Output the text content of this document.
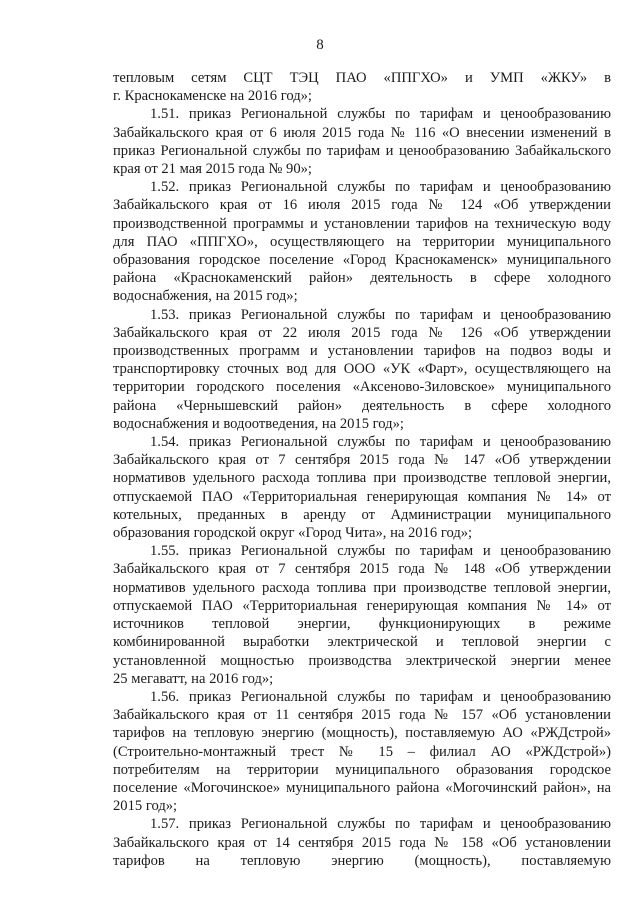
8
тепловым сетям СЦТ ТЭЦ ПАО «ППГХО» и УМП «ЖКУ» в
г. Краснокаменске на 2016 год»;
1.51. приказ Региональной службы по тарифам и ценообразованию
Забайкальского края от 6 июля 2015 года № 116 «О внесении изменений в
приказ Региональной службы по тарифам и ценообразованию Забайкальского
края от 21 мая 2015 года № 90»;
1.52. приказ Региональной службы по тарифам и ценообразованию
Забайкальского края от 16 июля 2015 года № 124 «Об утверждении
производственной программы и установлении тарифов на техническую воду
для ПАО «ППГХО», осуществляющего на территории муниципального
образования городское поселение «Город Краснокаменск» муниципального
района «Краснокаменский район» деятельность в сфере холодного
водоснабжения, на 2015 год»;
1.53. приказ Региональной службы по тарифам и ценообразованию
Забайкальского края от 22 июля 2015 года № 126 «Об утверждении
производственных программ и установлении тарифов на подвоз воды и
транспортировку сточных вод для ООО «УК «Фарт», осуществляющего на
территории городского поселения «Аксеново-Зиловское» муниципального
района «Чернышевский район» деятельность в сфере холодного
водоснабжения и водоотведения, на 2015 год»;
1.54. приказ Региональной службы по тарифам и ценообразованию
Забайкальского края от 7 сентября 2015 года № 147 «Об утверждении
нормативов удельного расхода топлива при производстве тепловой энергии,
отпускаемой ПАО «Территориальная генерирующая компания № 14» от
котельных, преданных в аренду от Администрации муниципального
образования городской округ «Город Чита», на 2016 год»;
1.55. приказ Региональной службы по тарифам и ценообразованию
Забайкальского края от 7 сентября 2015 года № 148 «Об утверждении
нормативов удельного расхода топлива при производстве тепловой энергии,
отпускаемой ПАО «Территориальная генерирующая компания № 14» от
источников тепловой энергии, функционирующих в режиме
комбинированной выработки электрической и тепловой энергии с
установленной мощностью производства электрической энергии менее
25 мегаватт, на 2016 год»;
1.56. приказ Региональной службы по тарифам и ценообразованию
Забайкальского края от 11 сентября 2015 года № 157 «Об установлении
тарифов на тепловую энергию (мощность), поставляемую АО «РЖДстрой»
(Строительно-монтажный трест № 15 – филиал АО «РЖДстрой»)
потребителям на территории муниципального образования городское
поселение «Могочинское» муниципального района «Могочинский район», на
2015 год»;
1.57. приказ Региональной службы по тарифам и ценообразованию
Забайкальского края от 14 сентября 2015 года № 158 «Об установлении
тарифов на тепловую энергию (мощность), поставляемую
